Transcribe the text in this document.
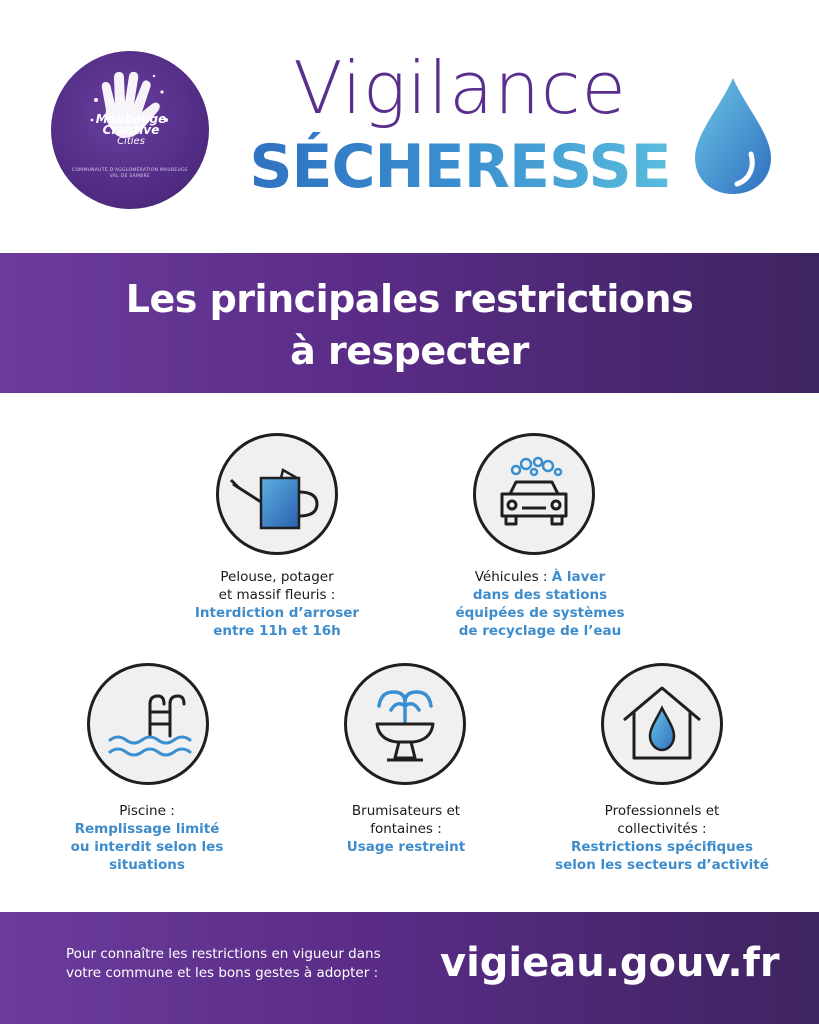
Maubeuge
Creative
Cities
COMMUNAUTÉ D'AGGLOMÉRATION MAUBEUGE VAL DE SAMBRE
Vigilance
SÉCHERESSE
Les principales restrictions
à respecter
Pelouse, potager
et massif fleuris :
Interdiction d’arroser
entre 11h et 16h
Véhicules : À laver
dans des stations
équipées de systèmes
de recyclage de l’eau
Piscine :
Remplissage limité
ou interdit selon les
situations
Brumisateurs et
fontaines :
Usage restreint
Professionnels et
collectivités :
Restrictions spécifiques
selon les secteurs d’activité
Pour connaître les restrictions en vigueur dans
votre commune et les bons gestes à adopter :	vigieau.gouv.fr
